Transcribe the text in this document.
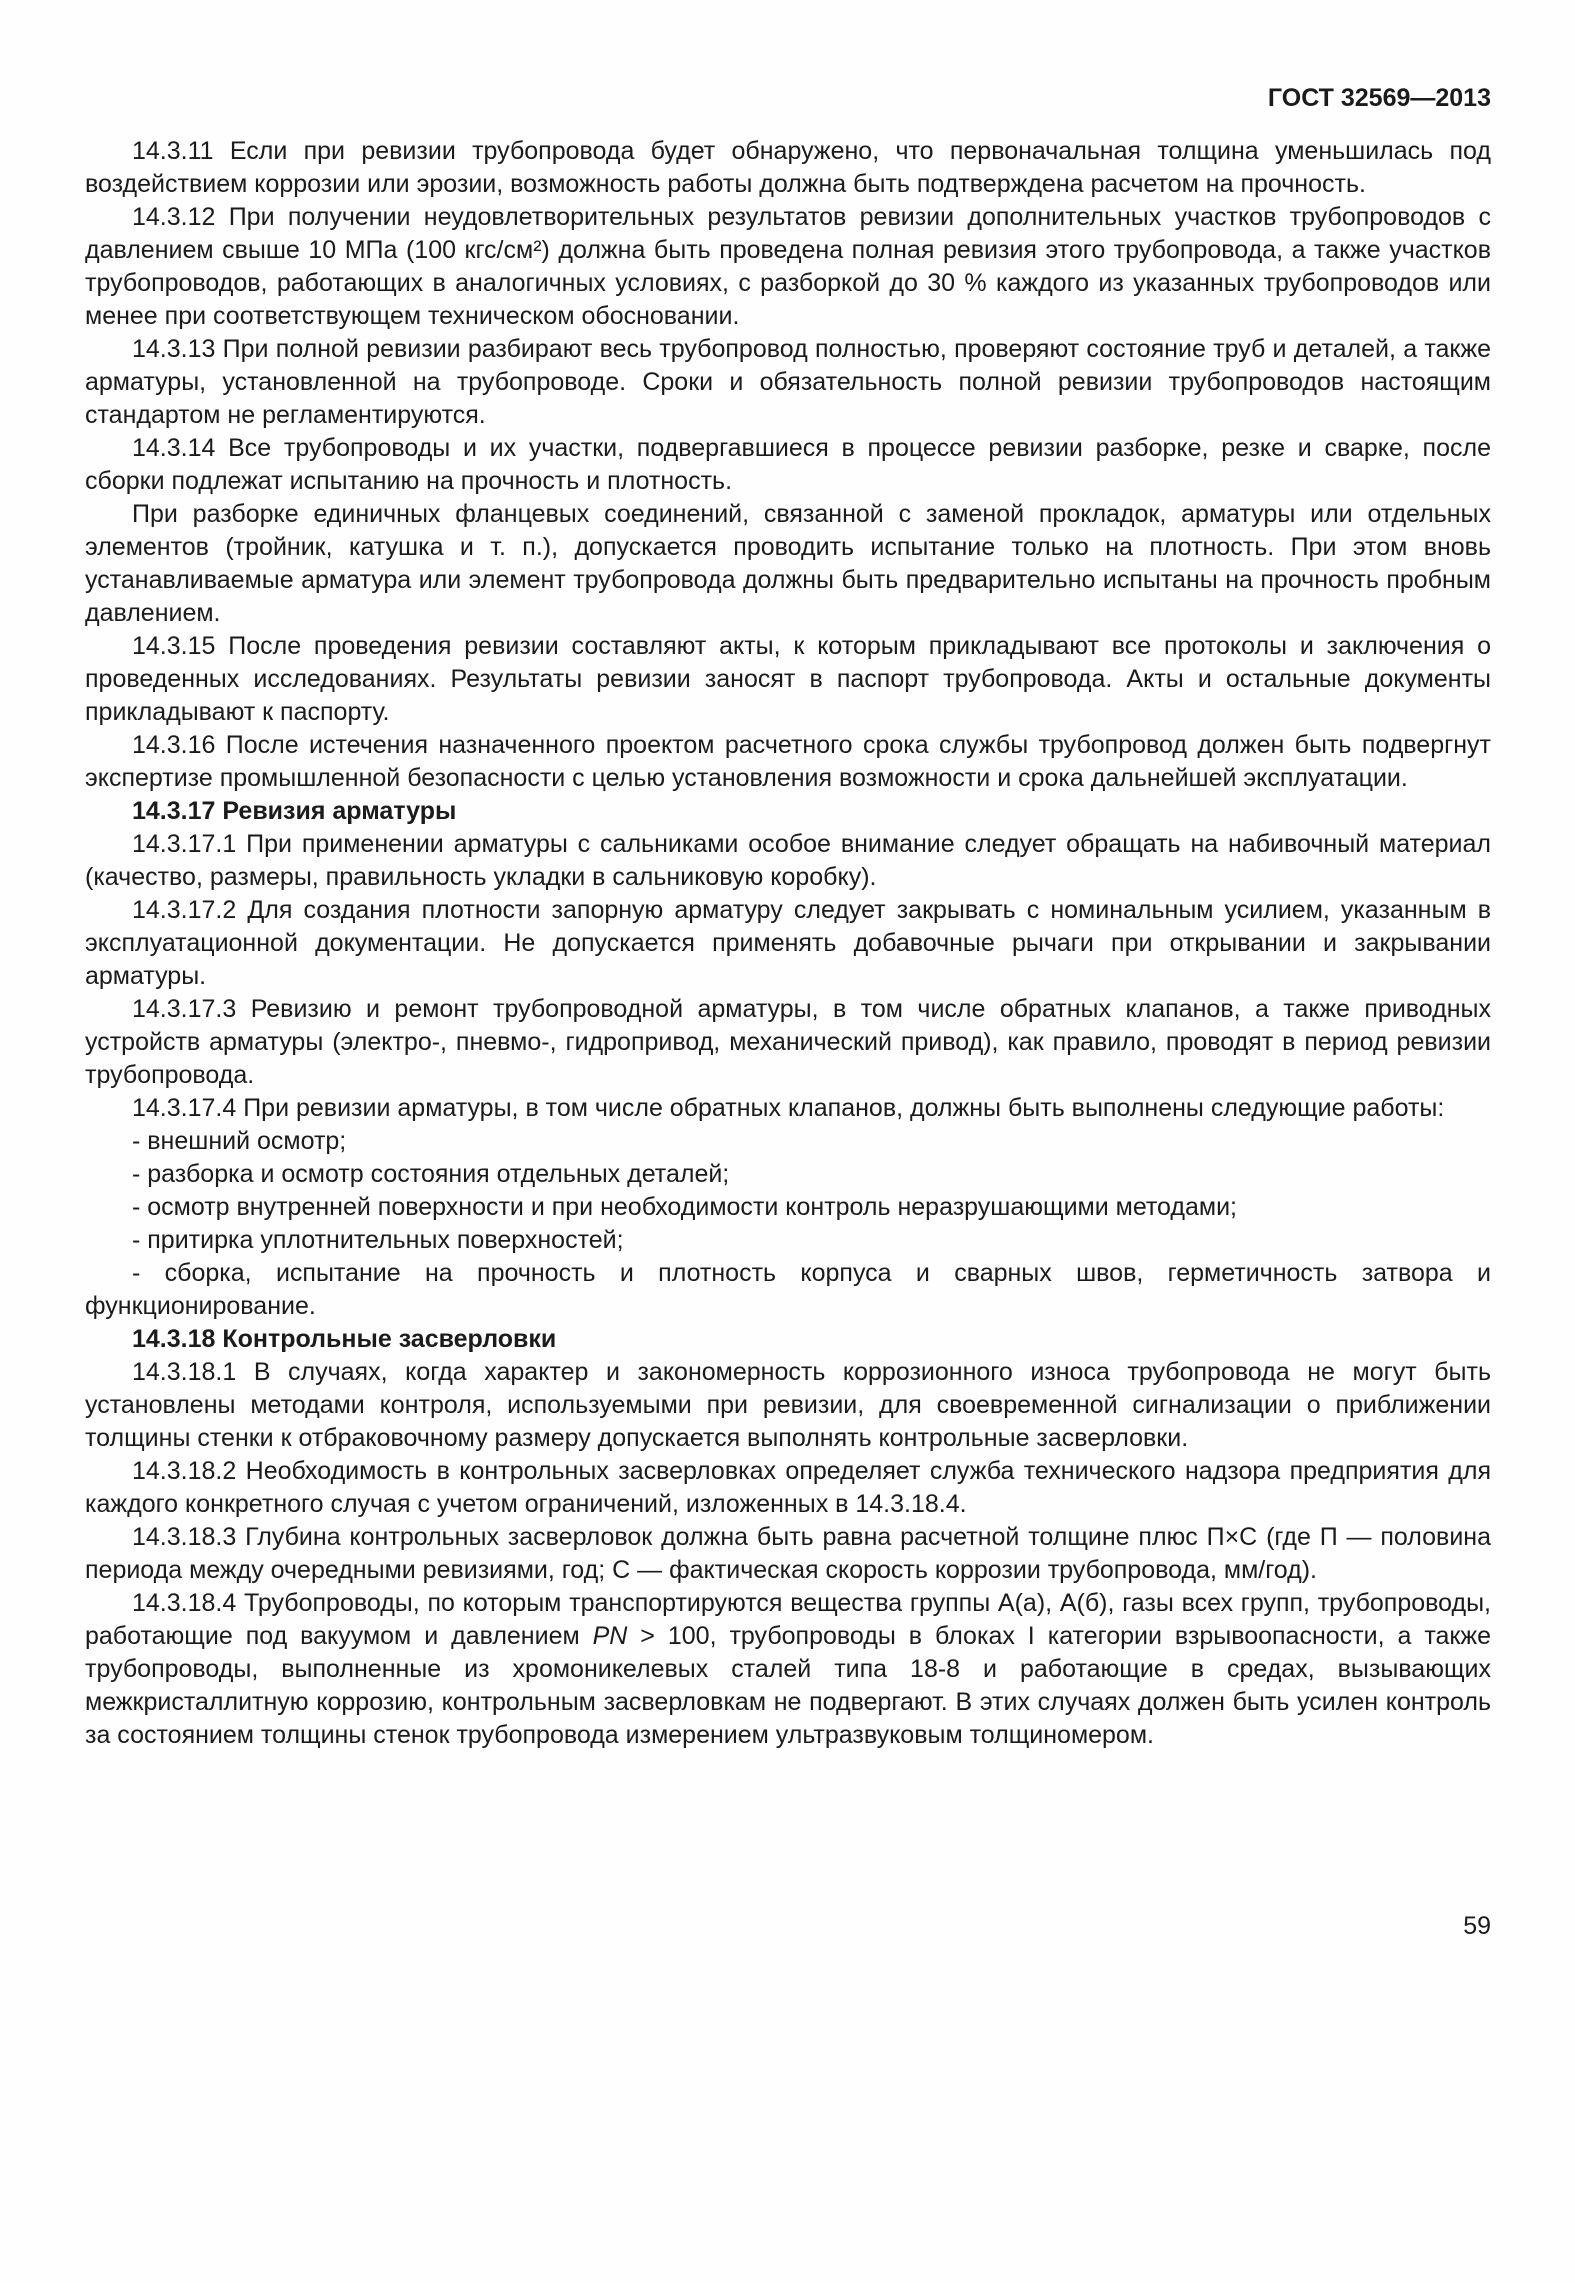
ГОСТ 32569—2013

14.3.11 Если при ревизии трубопровода будет обнаружено, что первоначальная толщина уменьшилась под воздействием коррозии или эрозии, возможность работы должна быть подтверждена расчетом на прочность.

14.3.12 При получении неудовлетворительных результатов ревизии дополнительных участков трубопроводов с давлением свыше 10 МПа (100 кгс/см²) должна быть проведена полная ревизия этого трубопровода, а также участков трубопроводов, работающих в аналогичных условиях, с разборкой до 30 % каждого из указанных трубопроводов или менее при соответствующем техническом обосновании.

14.3.13 При полной ревизии разбирают весь трубопровод полностью, проверяют состояние труб и деталей, а также арматуры, установленной на трубопроводе. Сроки и обязательность полной ревизии трубопроводов настоящим стандартом не регламентируются.

14.3.14 Все трубопроводы и их участки, подвергавшиеся в процессе ревизии разборке, резке и сварке, после сборки подлежат испытанию на прочность и плотность.

При разборке единичных фланцевых соединений, связанной с заменой прокладок, арматуры или отдельных элементов (тройник, катушка и т. п.), допускается проводить испытание только на плотность. При этом вновь устанавливаемые арматура или элемент трубопровода должны быть предварительно испытаны на прочность пробным давлением.

14.3.15 После проведения ревизии составляют акты, к которым прикладывают все протоколы и заключения о проведенных исследованиях. Результаты ревизии заносят в паспорт трубопровода. Акты и остальные документы прикладывают к паспорту.

14.3.16 После истечения назначенного проектом расчетного срока службы трубопровод должен быть подвергнут экспертизе промышленной безопасности с целью установления возможности и срока дальнейшей эксплуатации.

14.3.17 Ревизия арматуры

14.3.17.1 При применении арматуры с сальниками особое внимание следует обращать на набивочный материал (качество, размеры, правильность укладки в сальниковую коробку).

14.3.17.2 Для создания плотности запорную арматуру следует закрывать с номинальным усилием, указанным в эксплуатационной документации. Не допускается применять добавочные рычаги при открывании и закрывании арматуры.

14.3.17.3 Ревизию и ремонт трубопроводной арматуры, в том числе обратных клапанов, а также приводных устройств арматуры (электро-, пневмо-, гидропривод, механический привод), как правило, проводят в период ревизии трубопровода.

14.3.17.4 При ревизии арматуры, в том числе обратных клапанов, должны быть выполнены следующие работы:

- внешний осмотр;

- разборка и осмотр состояния отдельных деталей;

- осмотр внутренней поверхности и при необходимости контроль неразрушающими методами;

- притирка уплотнительных поверхностей;

- сборка, испытание на прочность и плотность корпуса и сварных швов, герметичность затвора и функционирование.

14.3.18 Контрольные засверловки

14.3.18.1 В случаях, когда характер и закономерность коррозионного износа трубопровода не могут быть установлены методами контроля, используемыми при ревизии, для своевременной сигнализации о приближении толщины стенки к отбраковочному размеру допускается выполнять контрольные засверловки.

14.3.18.2 Необходимость в контрольных засверловках определяет служба технического надзора предприятия для каждого конкретного случая с учетом ограничений, изложенных в 14.3.18.4.

14.3.18.3 Глубина контрольных засверловок должна быть равна расчетной толщине плюс П×С (где П — половина периода между очередными ревизиями, год; С — фактическая скорость коррозии трубопровода, мм/год).

14.3.18.4 Трубопроводы, по которым транспортируются вещества группы А(а), А(б), газы всех групп, трубопроводы, работающие под вакуумом и давлением PN > 100, трубопроводы в блоках I категории взрывоопасности, а также трубопроводы, выполненные из хромоникелевых сталей типа 18-8 и работающие в средах, вызывающих межкристаллитную коррозию, контрольным засверловкам не подвергают. В этих случаях должен быть усилен контроль за состоянием толщины стенок трубопровода измерением ультразвуковым толщиномером.

59
